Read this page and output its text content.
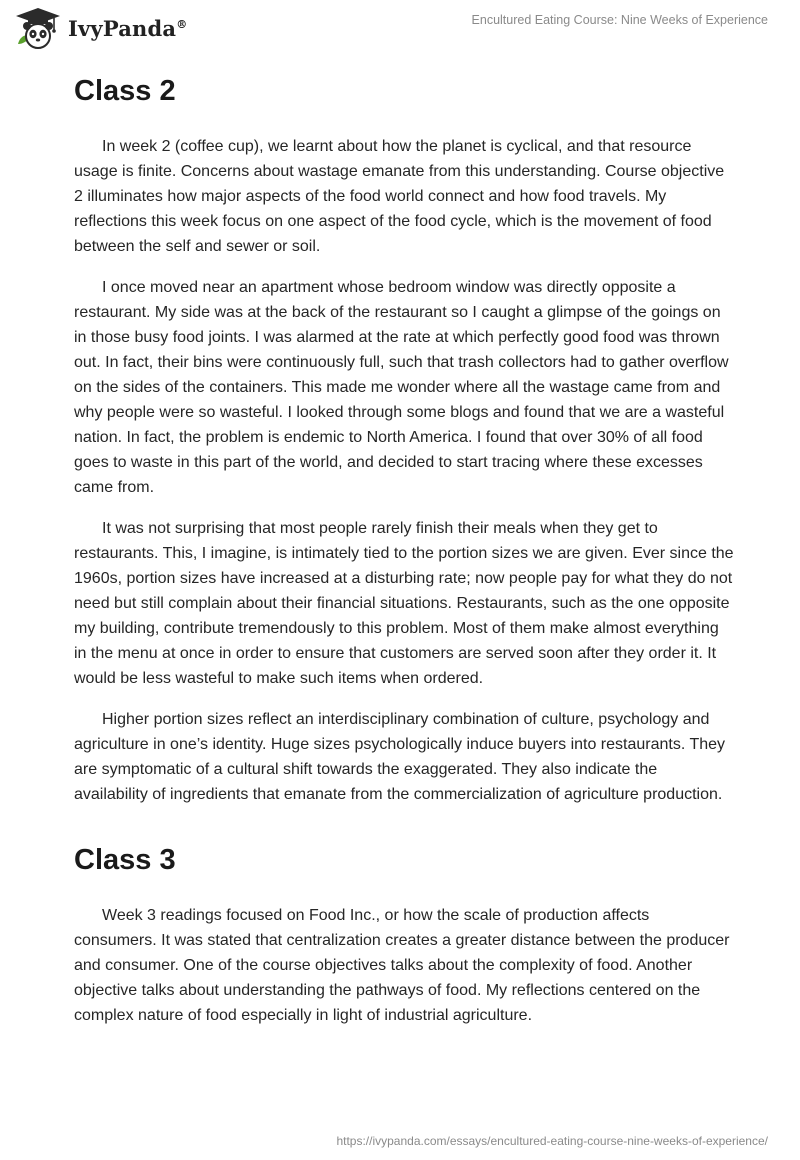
IvyPanda®	Encultured Eating Course: Nine Weeks of Experience
Class 2

In week 2 (coffee cup), we learnt about how the planet is cyclical, and that resource usage is finite. Concerns about wastage emanate from this understanding. Course objective 2 illuminates how major aspects of the food world connect and how food travels. My reflections this week focus on one aspect of the food cycle, which is the movement of food between the self and sewer or soil.

I once moved near an apartment whose bedroom window was directly opposite a restaurant. My side was at the back of the restaurant so I caught a glimpse of the goings on in those busy food joints. I was alarmed at the rate at which perfectly good food was thrown out. In fact, their bins were continuously full, such that trash collectors had to gather overflow on the sides of the containers. This made me wonder where all the wastage came from and why people were so wasteful. I looked through some blogs and found that we are a wasteful nation. In fact, the problem is endemic to North America. I found that over 30% of all food goes to waste in this part of the world, and decided to start tracing where these excesses came from.

It was not surprising that most people rarely finish their meals when they get to restaurants. This, I imagine, is intimately tied to the portion sizes we are given. Ever since the 1960s, portion sizes have increased at a disturbing rate; now people pay for what they do not need but still complain about their financial situations. Restaurants, such as the one opposite my building, contribute tremendously to this problem. Most of them make almost everything in the menu at once in order to ensure that customers are served soon after they order it. It would be less wasteful to make such items when ordered.

Higher portion sizes reflect an interdisciplinary combination of culture, psychology and agriculture in one’s identity. Huge sizes psychologically induce buyers into restaurants. They are symptomatic of a cultural shift towards the exaggerated. They also indicate the availability of ingredients that emanate from the commercialization of agriculture production.

Class 3

Week 3 readings focused on Food Inc., or how the scale of production affects consumers. It was stated that centralization creates a greater distance between the producer and consumer. One of the course objectives talks about the complexity of food. Another objective talks about understanding the pathways of food. My reflections centered on the complex nature of food especially in light of industrial agriculture.

https://ivypanda.com/essays/encultured-eating-course-nine-weeks-of-experience/
